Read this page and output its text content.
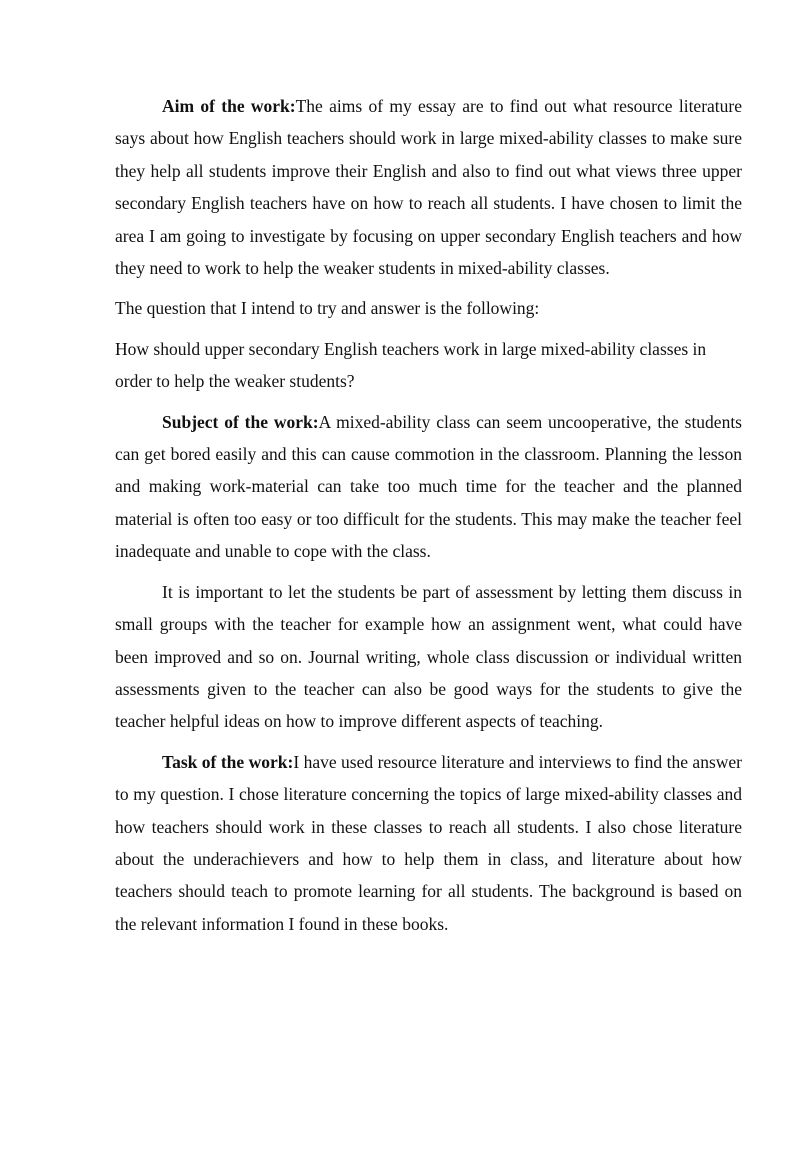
Aim of the work:The aims of my essay are to find out what resource literature says about how English teachers should work in large mixed-ability classes to make sure they help all students improve their English and also to find out what views three upper secondary English teachers have on how to reach all students. I have chosen to limit the area I am going to investigate by focusing on upper secondary English teachers and how they need to work to help the weaker students in mixed-ability classes.

The question that I intend to try and answer is the following:

How should upper secondary English teachers work in large mixed-ability classes in order to help the weaker students?

Subject of the work:A mixed-ability class can seem uncooperative, the students can get bored easily and this can cause commotion in the classroom. Planning the lesson and making work-material can take too much time for the teacher and the planned material is often too easy or too difficult for the students. This may make the teacher feel inadequate and unable to cope with the class.

It is important to let the students be part of assessment by letting them discuss in small groups with the teacher for example how an assignment went, what could have been improved and so on. Journal writing, whole class discussion or individual written assessments given to the teacher can also be good ways for the students to give the teacher helpful ideas on how to improve different aspects of teaching.

Task of the work:I have used resource literature and interviews to find the answer to my question. I chose literature concerning the topics of large mixed-ability classes and how teachers should work in these classes to reach all students. I also chose literature about the underachievers and how to help them in class, and literature about how teachers should teach to promote learning for all students. The background is based on the relevant information I found in these books.
